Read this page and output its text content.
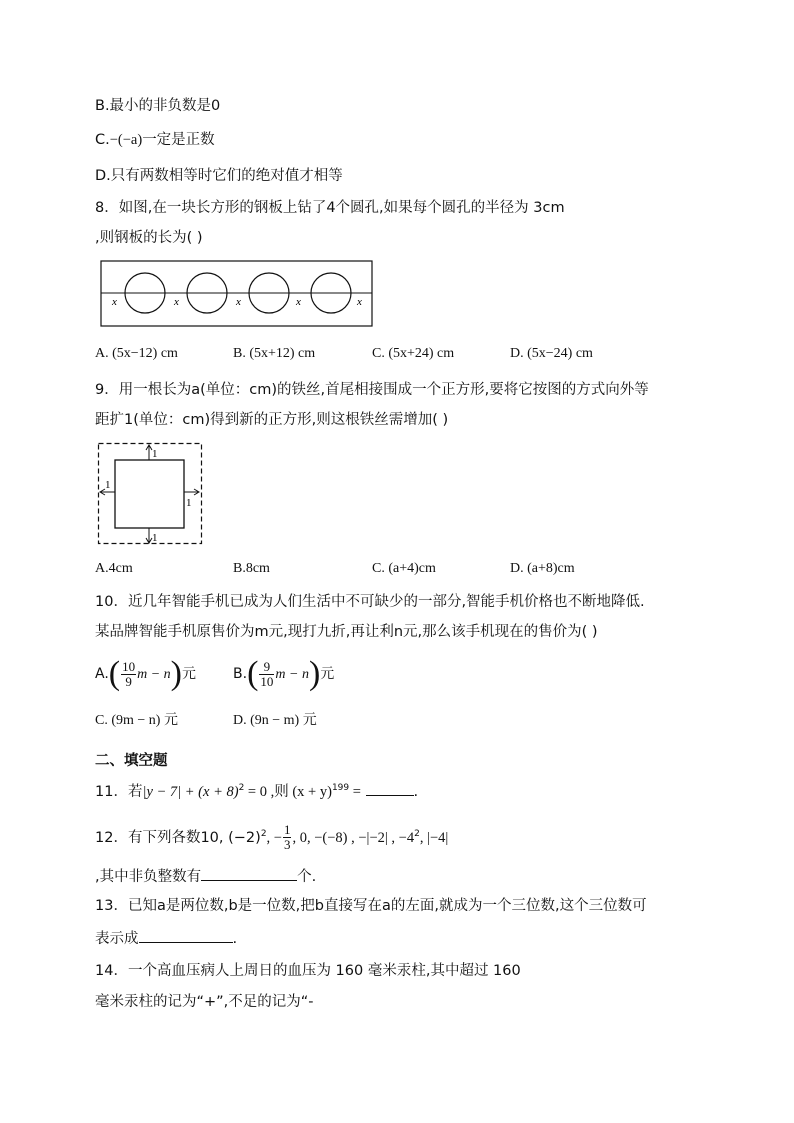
B.最小的非负数是0
C.−(−a)一定是正数
D.只有两数相等时它们的绝对值才相等
8．如图,在一块长方形的钢板上钻了4个圆孔,如果每个圆孔的半径为 3cm
,则钢板的长为( )
x	x	x	x	x
A. (5x−12) cm	B. (5x+12) cm	C. (5x+24) cm	D. (5x−24) cm
9．用一根长为a(单位：cm)的铁丝,首尾相接围成一个正方形,要将它按图的方式向外等
距扩1(单位：cm)得到新的正方形,则这根铁丝需增加( )
1
1
1
1
A.4cm	B.8cm	C. (a+4)cm	D. (a+8)cm
10．近几年智能手机已成为人们生活中不可缺少的一部分,智能手机价格也不断地降低.
某品牌智能手机原售价为m元,现打九折,再让利n元,那么该手机现在的售价为( )
$A.( \frac{10}{9}$ m − n)元	$B.( \frac{9}{10}$ m − n)元
C. (9m − n) 元	D. (9n − m) 元
二、填空题
11．若$|y - 7| + (x + 8)^2 = 0$ ,则 $(x + y)^{199}$ =	.
12．有下列各数10, $(-2)^2$, − $\frac{1}{3}$ , 0, −(−8) , −|−2| , $-4^2$, |−4|
,其中非负整数有	个.
13．已知a是两位数,b是一位数,把b直接写在a的左面,就成为一个三位数,这个三位数可
表示成	.
14．一个高血压病人上周日的血压为 160 毫米汞柱,其中超过 160
毫米汞柱的记为“+”,不足的记为“-
